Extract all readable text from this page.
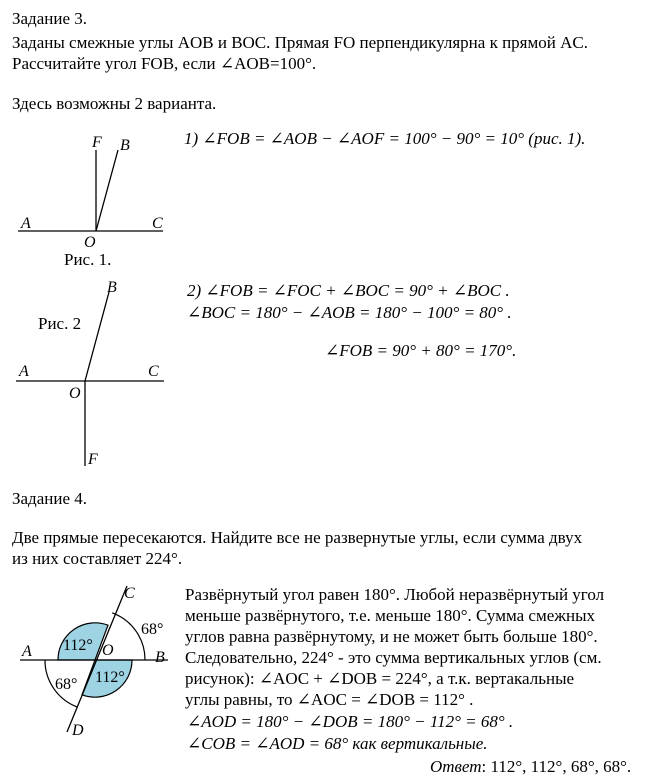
Задание 3.
Заданы смежные углы AOB и BOC. Прямая FO перпендикулярна к прямой AC.
Рассчитайте угол FOB, если ∠AOB=100°.
Здесь возможны 2 варианта.
1) ∠FOB = ∠AOB − ∠AOF = 100° − 90° = 10° (рис. 1).
Рис. 1.
Рис. 2
2) ∠FOB = ∠FOC + ∠BOC = 90° + ∠BOC .
∠BOC = 180° − ∠AOB = 180° − 100° = 80° .
∠FOB = 90° + 80° = 170°.
Задание 4.
Две прямые пересекаются. Найдите все не развернутые углы, если сумма двух
из них составляет 224°.
Развёрнутый угол равен 180°. Любой неразвёрнутый угол
меньше развёрнутого, т.е. меньше 180°. Сумма смежных
углов равна развёрнутому, и не может быть больше 180°.
Следовательно, 224° - это сумма вертикальных углов (см.
рисунок): ∠AOC + ∠DOB = 224°, а т.к. вертакальные
углы равны, то ∠AOC = ∠DOB = 112° .
∠AOD = 180° − ∠DOB = 180° − 112° = 68° .
∠COB = ∠AOD = 68° как вертикальные.
Ответ: 112°, 112°, 68°, 68°.
F B
A	C
O
B
A	C
O
F
C
A	B
O
D
112°
112°
68°
68°
